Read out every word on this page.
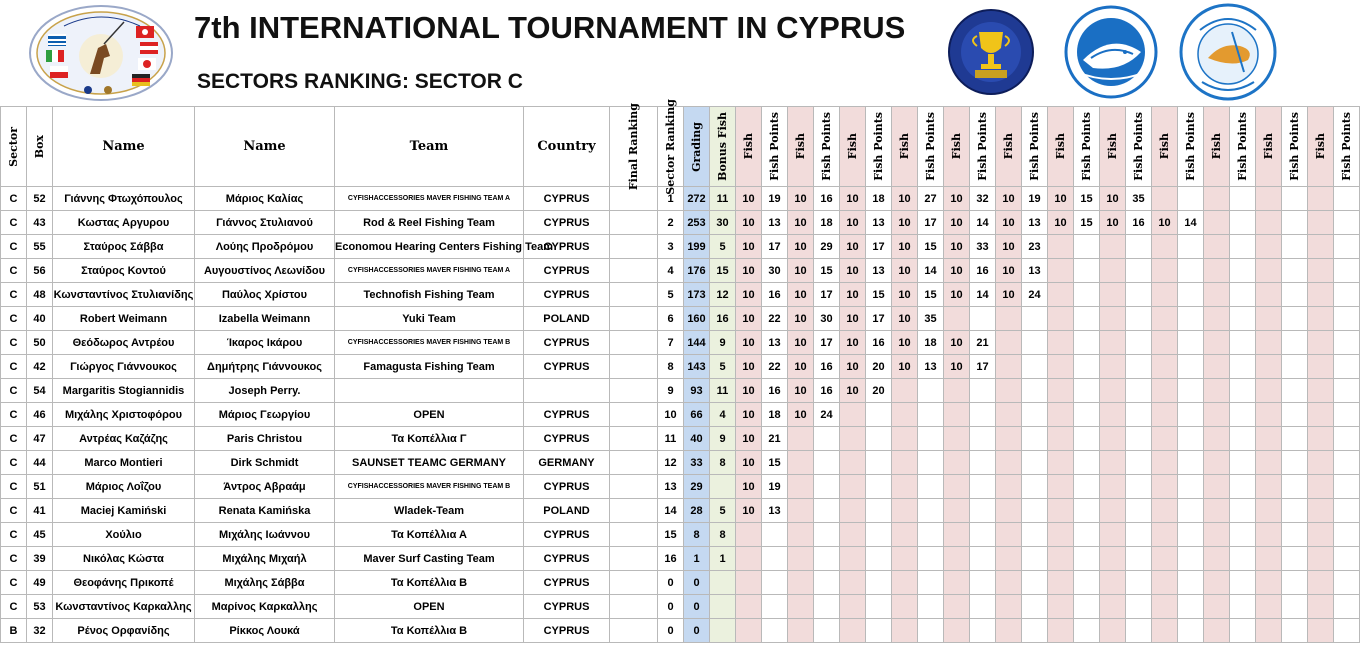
7th INTERNATIONAL TOURNAMENT IN CYPRUS
SECTORS RANKING: SECTOR C
Sector	Box	Name	Name	Team	Country	Final Ranking	Sector Ranking	Grading	Bonus Fish	Fish	Fish Points	Fish	Fish Points	Fish	Fish Points	Fish	Fish Points	Fish	Fish Points	Fish	Fish Points	Fish	Fish Points	Fish	Fish Points	Fish	Fish Points	Fish	Fish Points	Fish	Fish Points	Fish	Fish Points

C	52	Γιάννης Φτωχόπουλος	Μάριος Καλίας	CYFISHACCESSORIES MAVER FISHING TEAM A	CYPRUS		1	272	11	10	19	10	16	10	18	10	27	10	32	10	19	10	15	10	35								
C	43	Κωστας Αργυρου	Γιάννος Στυλιανού	Rod & Reel Fishing Team	CYPRUS		2	253	30	10	13	10	18	10	13	10	17	10	14	10	13	10	15	10	16	10	14						
C	55	Σταύρος Σάββα	Λούης Προδρόμου	Economou Hearing Centers Fishing Team	CYPRUS		3	199	5	10	17	10	29	10	17	10	15	10	33	10	23												
C	56	Σταύρος Κοντού	Αυγουστίνος Λεωνίδου	CYFISHACCESSORIES MAVER FISHING TEAM A	CYPRUS		4	176	15	10	30	10	15	10	13	10	14	10	16	10	13												
C	48	Κωνσταντίνος Στυλιανίδης	Παύλος Χρίστου	Technofish Fishing Team	CYPRUS		5	173	12	10	16	10	17	10	15	10	15	10	14	10	24												
C	40	Robert Weimann	Izabella Weimann	Yuki Team	POLAND		6	160	16	10	22	10	30	10	17	10	35																
C	50	Θεόδωρος Αντρέου	Ίκαρος Ικάρου	CYFISHACCESSORIES MAVER FISHING TEAM B	CYPRUS		7	144	9	10	13	10	17	10	16	10	18	10	21														
C	42	Γιώργος Γιάννουκος	Δημήτρης Γιάννουκος	Famagusta Fishing Team	CYPRUS		8	143	5	10	22	10	16	10	20	10	13	10	17														
C	54	Margaritis Stogiannidis	Joseph Perry.				9	93	11	10	16	10	16	10	20																		
C	46	Μιχάλης Χριστοφόρου	Μάριος Γεωργίου	OPEN	CYPRUS		10	66	4	10	18	10	24																				
C	47	Αντρέας Καζάζης	Paris Christou	Τα Κοπέλλια Γ	CYPRUS		11	40	9	10	21																						
C	44	Marco Montieri	Dirk Schmidt	SAUNSET TEAMC GERMANY	GERMANY		12	33	8	10	15																						
C	51	Μάριος Λοΐζου	Άντρος Αβραάμ	CYFISHACCESSORIES MAVER FISHING TEAM B	CYPRUS		13	29		10	19																						
C	41	Maciej Kamiński	Renata Kamińska	Wladek-Team	POLAND		14	28	5	10	13																						
C	45	Χούλιο	Μιχάλης Ιωάννου	Τα Κοπέλλια Α	CYPRUS		15	8	8																								
C	39	Νικόλας Κώστα	Μιχάλης Μιχαήλ	Maver Surf Casting Team	CYPRUS		16	1	1																								
C	49	Θεοφάνης Πρικοπέ	Μιχάλης Σάββα	Τα Κοπέλλια Β	CYPRUS		0	0																									
C	53	Κωνσταντίνος Καρκαλλης	Μαρίνος Καρκαλλης	OPEN	CYPRUS		0	0																									
B	32	Ρένος Ορφανίδης	Ρίκκος Λουκά	Τα Κοπέλλια Β	CYPRUS		0	0																									
